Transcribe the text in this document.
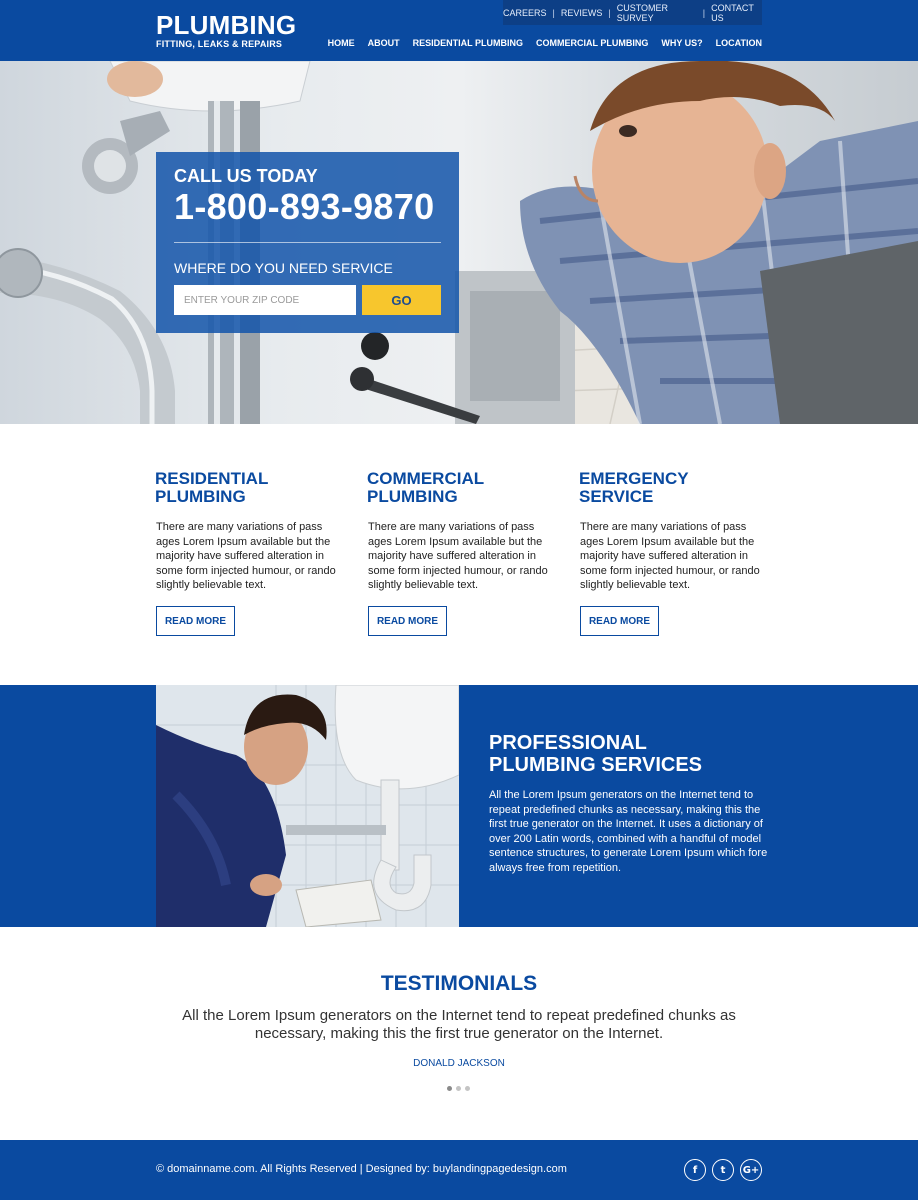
PLUMBING
FITTING, LEAKS & REPAIRS
CAREERS | REVIEWS | CUSTOMER SURVEY	| CONTACT US
HOME ABOUT RESIDENTIAL PLUMBING COMMERCIAL PLUMBING WHY US? LOCATION
CALL US TODAY
1-800-893-9870
WHERE DO YOU NEED SERVICE
ENTER YOUR ZIP CODE
GO
RESIDENTIAL
PLUMBING

There are many variations of pass ages Lorem Ipsum available but the majority have suffered alteration in some form injected humour, or rando slightly believable text.

READ MORE
COMMERCIAL
PLUMBING

There are many variations of pass ages Lorem Ipsum available but the majority have suffered alteration in some form injected humour, or rando slightly believable text.

READ MORE
EMERGENCY
SERVICE

There are many variations of pass ages Lorem Ipsum available but the majority have suffered alteration in some form injected humour, or rando slightly believable text.

READ MORE
PROFESSIONAL
PLUMBING SERVICES
All the Lorem Ipsum generators on the Internet tend to repeat predefined chunks as necessary, making this the first true generator on the Internet. It uses a dictionary of over 200 Latin words, combined with a handful of model sentence structures, to generate Lorem Ipsum which fore always free from repetition.
TESTIMONIALS
All the Lorem Ipsum generators on the Internet tend to repeat predefined chunks as necessary, making this the first true generator on the Internet.
DONALD JACKSON
© domainname.com. All Rights Reserved | Designed by: buylandingpagedesign.com	f	t	G+
